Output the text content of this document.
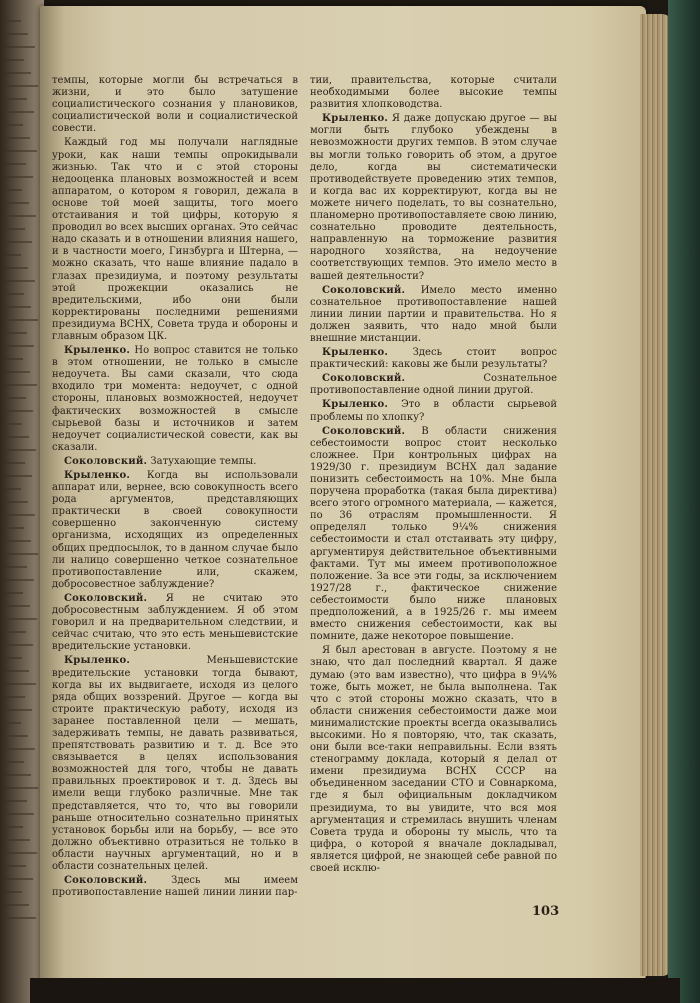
темпы, которые могли бы встречаться в жизни, и это было затушение социалистического сознания у плановиков, социалистической воли и социалистической совести.

Каждый год мы получали наглядные уроки, как наши темпы опрокидывали жизнью. Так что и с этой стороны недооценка плановых возможностей и всем аппаратом, о котором я говорил, дежала в основе той моей защиты, того моего отстаивания и той цифры, которую я проводил во всех высших органах. Это сейчас надо сказать и в отношении влияния нашего, и в частности моего, Гинзбурга и Штерна, — можно сказать, что наше влияние падало в глазах президиума, и поэтому результаты этой прожекции оказались не вредительскими, ибо они были корректированы последними решениями президиума ВСНХ, Совета труда и обороны и главным образом ЦК.

Крыленко. Но вопрос ставится не только в этом отношении, не только в смысле недоучета. Вы сами сказали, что сюда входило три момента: недоучет, с одной стороны, плановых возможностей, недоучет фактических возможностей в смысле сырьевой базы и источников и затем недоучет социалистической совести, как вы сказали.

Соколовский. Затухающие темпы.

Крыленко. Когда вы использовали аппарат или, вернее, всю совокупность всего рода аргументов, представляющих практически в своей совокупности совершенно законченную систему организма, исходящих из определенных общих предпосылок, то в данном случае было ли налицо совершенно четкое сознательное противопоставление или, скажем, добросовестное заблуждение?

Соколовский. Я не считаю это добросовестным заблуждением. Я об этом говорил и на предварительном следствии, и сейчас считаю, что это есть меньшевистские вредительские установки.

Крыленко. Меньшевистские вредительские установки тогда бывают, когда вы их выдвигаете, исходя из целого ряда общих воззрений. Другое — когда вы строите практическую работу, исходя из заранее поставленной цели — мешать, задерживать темпы, не давать развиваться, препятствовать развитию и т. д. Все это связывается в целях использования возможностей для того, чтобы не давать правильных проектировок и т. д. Здесь вы имели вещи глубоко различные. Мне так представляется, что то, что вы говорили раньше относительно сознательно принятых установок борьбы или на борьбу, — все это должно объективно отразиться не только в области научных аргументаций, но и в области сознательных целей.

Соколовский. Здесь мы имеем противопоставление нашей линии линии пар-

тии, правительства, которые считали необходимыми более высокие темпы развития хлопководства.

Крыленко. Я даже допускаю другое — вы могли быть глубоко убеждены в невозможности других темпов. В этом случае вы могли только говорить об этом, а другое дело, когда вы систематически противодействуете проведению этих темпов, и когда вас их корректируют, когда вы не можете ничего поделать, то вы сознательно, планомерно противопоставляете свою линию, сознательно проводите деятельность, направленную на торможение развития народного хозяйства, на недоучение соответствующих темпов. Это имело место в вашей деятельности?

Соколовский. Имело место именно сознательное противопоставление нашей линии линии партии и правительства. Но я должен заявить, что надо мной были внешние мистанции.

Крыленко. Здесь стоит вопрос практический: каковы же были результаты?

Соколовский. Сознательное противопоставление одной линии другой.

Крыленко. Это в области сырьевой проблемы по хлопку?

Соколовский. В области снижения себестоимости вопрос стоит несколько сложнее. При контрольных цифрах на 1929/30 г. президиум ВСНХ дал задание понизить себестоимость на 10%. Мне была поручена проработка (такая была директива) всего этого огромного материала, — кажется, по 36 отраслям промышленности. Я определял только 9¼% снижения себестоимости и стал отстаивать эту цифру, аргументируя действительное объективными фактами. Тут мы имеем противоположное положение. За все эти годы, за исключением 1927/28 г., фактическое снижение себестоимости было ниже плановых предположений, а в 1925/26 г. мы имеем вместо снижения себестоимости, как вы помните, даже некоторое повышение.

Я был арестован в августе. Поэтому я не знаю, что дал последний квартал. Я даже думаю (это вам известно), что цифра в 9¼% тоже, быть может, не была выполнена. Так что с этой стороны можно сказать, что в области снижения себестоимости даже мои минималистские проекты всегда оказывались высокими. Но я повторяю, что, так сказать, они были все-таки неправильны. Если взять стенограмму доклада, который я делал от имени президиума ВСНХ СССР на объединенном заседании СТО и Совнаркома, где я был официальным докладчиком президиума, то вы увидите, что вся моя аргументация и стремилась внушить членам Совета труда и обороны ту мысль, что та цифра, о которой я вначале докладывал, является цифрой, не знающей себе равной по своей исклю-

103
